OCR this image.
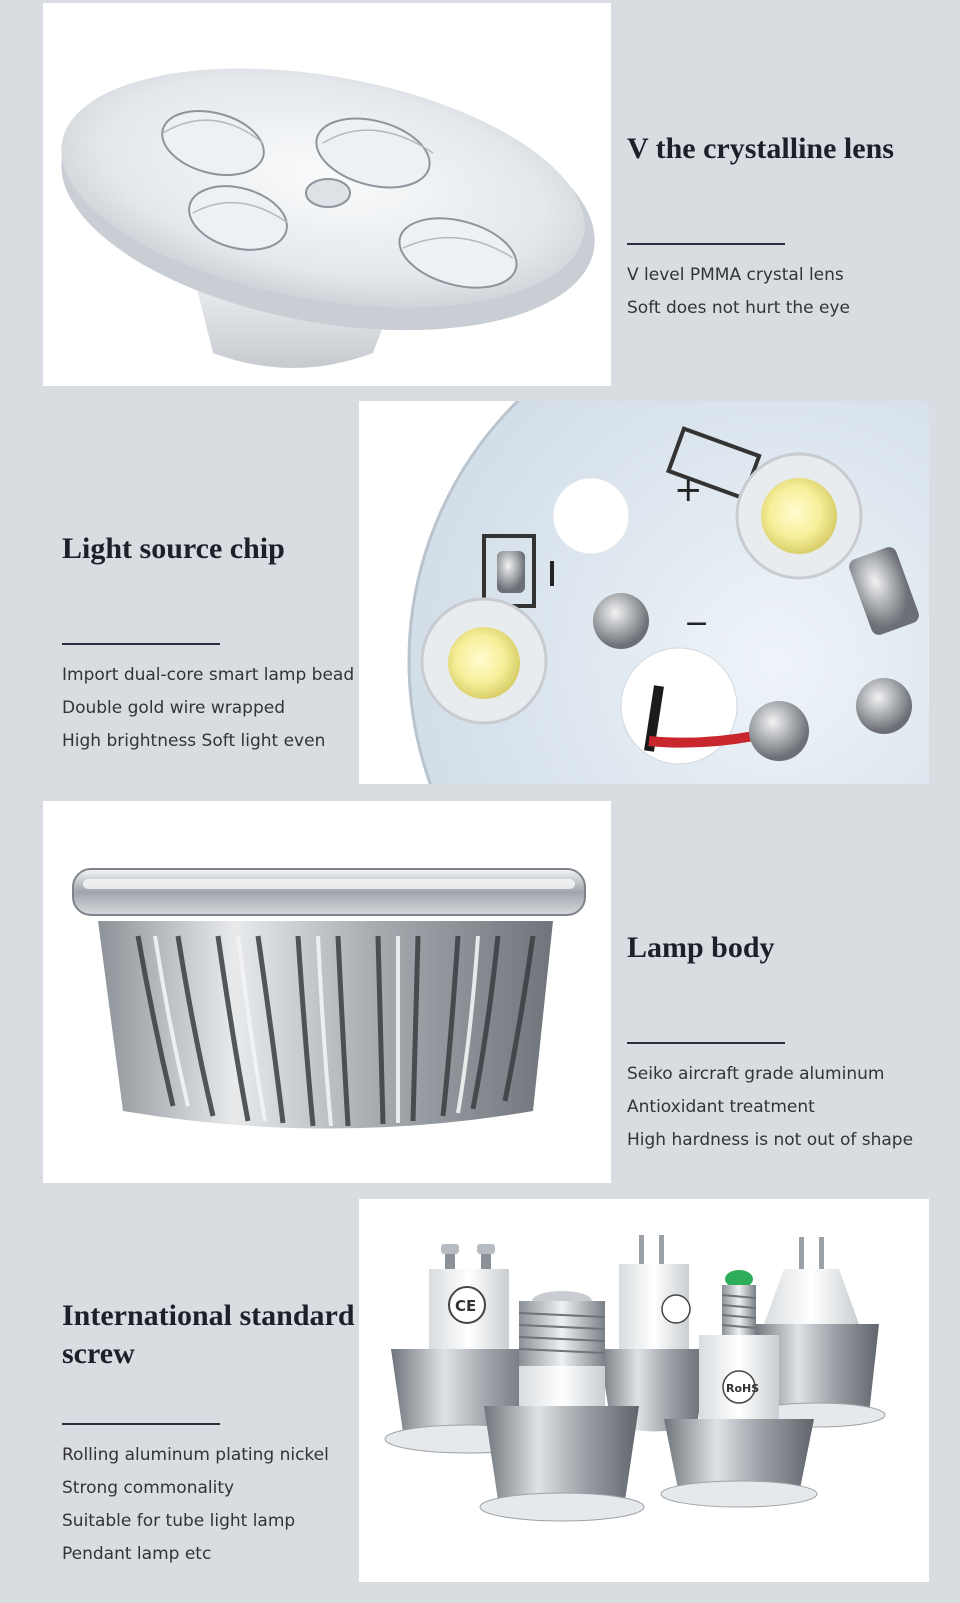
V the crystalline lens
V level PMMA crystal lens
Soft does not hurt the eye
Light source chip
Import dual-core smart lamp bead
Double gold wire wrapped
High brightness Soft light even
+
−
Lamp body
Seiko aircraft grade aluminum
Antioxidant treatment
High hardness is not out of shape
International standard
screw
Rolling aluminum plating nickel
Strong commonality
Suitable for tube light lamp
Pendant lamp etc
CE
RoHS
